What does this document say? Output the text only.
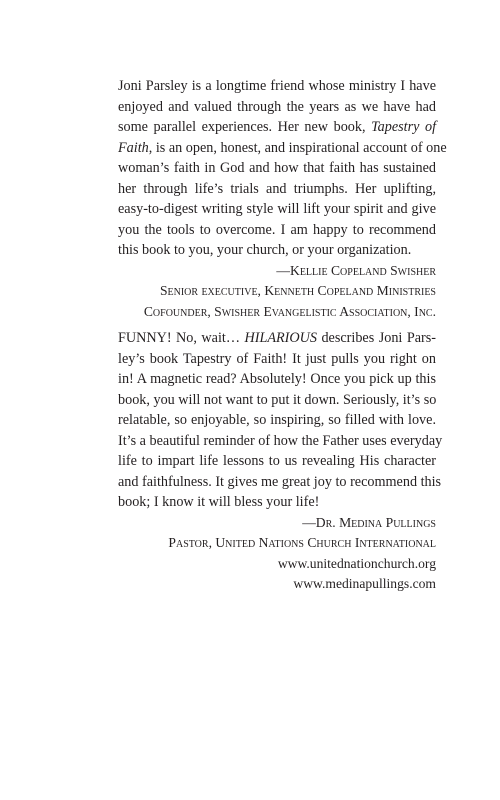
Joni Parsley is a longtime friend whose ministry I have
enjoyed and valued through the years as we have had
some parallel experiences. Her new book, Tapestry of
Faith, is an open, honest, and inspirational account of one
woman’s faith in God and how that faith has sustained
her through life’s trials and triumphs. Her uplifting,
easy-to-digest writing style will lift your spirit and give
you the tools to overcome. I am happy to recommend
this book to you, your church, or your organization.

—Kellie Copeland Swisher
Senior executive, Kenneth Copeland Ministries
Cofounder, Swisher Evangelistic Association, Inc.

FUNNY! No, wait… HILARIOUS describes Joni Pars-
ley’s book Tapestry of Faith! It just pulls you right on
in! A magnetic read? Absolutely! Once you pick up this
book, you will not want to put it down. Seriously, it’s so
relatable, so enjoyable, so inspiring, so filled with love.
It’s a beautiful reminder of how the Father uses everyday
life to impart life lessons to us revealing His character
and faithfulness. It gives me great joy to recommend this
book; I know it will bless your life!

—Dr. Medina Pullings
Pastor, United Nations Church International
www.unitednationchurch.org
www.medinapullings.com
